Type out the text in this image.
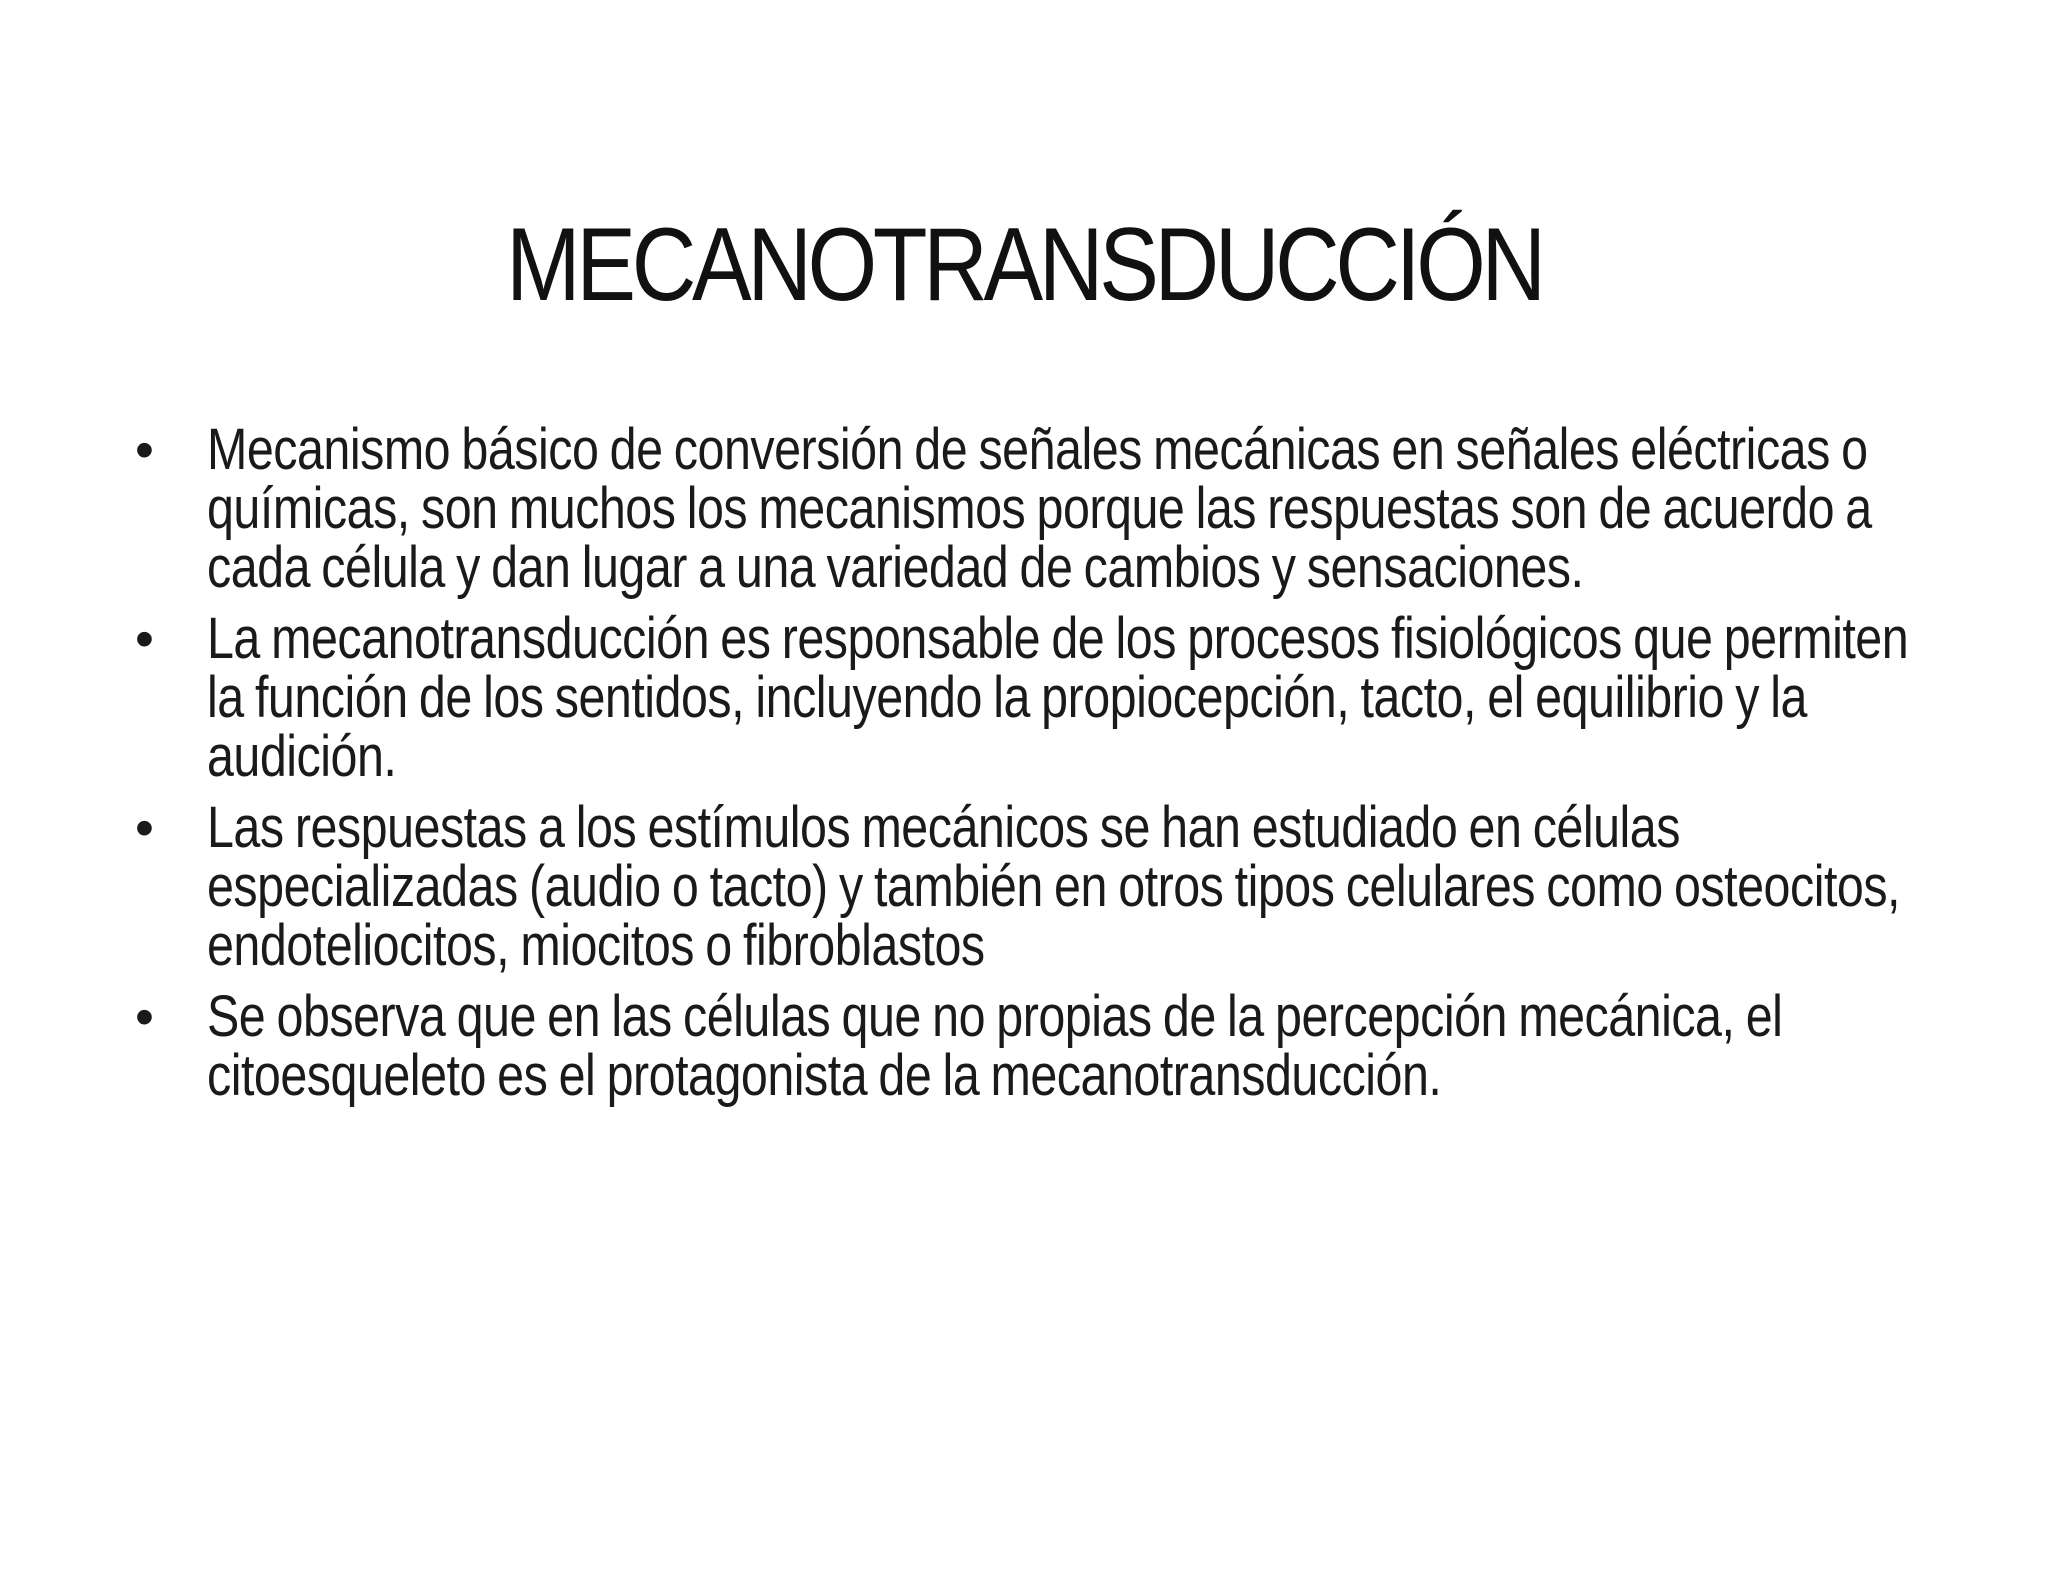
MECANOTRANSDUCCIÓN
• Mecanismo básico de conversión de señales mecánicas en señales eléctricas o químicas, son muchos los mecanismos porque las respuestas son de acuerdo a cada célula y dan lugar a una variedad de cambios y sensaciones.
• La mecanotransducción es responsable de los procesos fisiológicos que permiten la función de los sentidos, incluyendo la propiocepción, tacto, el equilibrio y la audición.
• Las respuestas a los estímulos mecánicos se han estudiado en células especializadas (audio o tacto) y también en otros tipos celulares como osteocitos, endoteliocitos, miocitos o fibroblastos
• Se observa que en las células que no propias de la percepción mecánica, el citoesqueleto es el protagonista de la mecanotransducción.
